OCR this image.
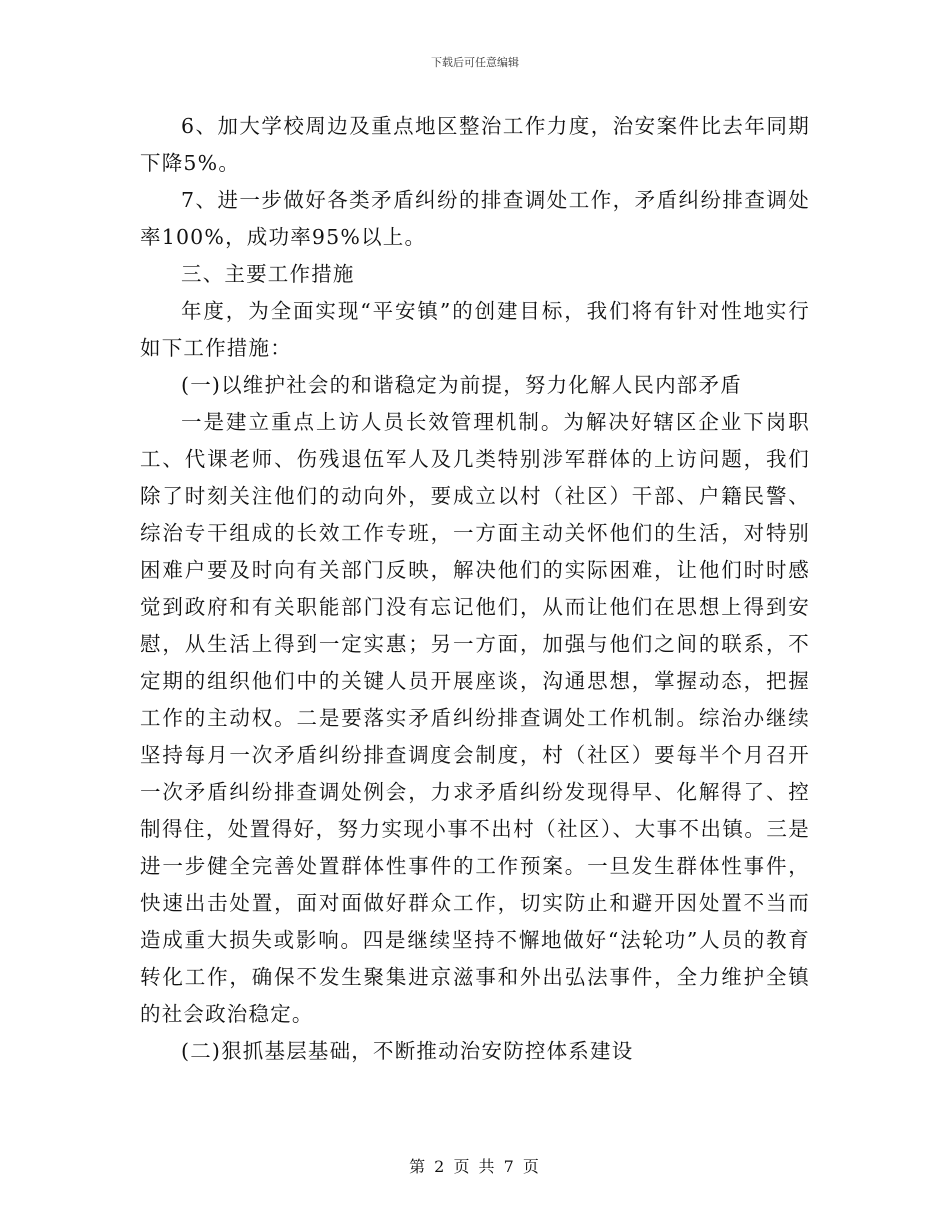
下载后可任意编辑

6、加大学校周边及重点地区整治工作力度，治安案件比去年同期下降5%。

7、进一步做好各类矛盾纠纷的排查调处工作，矛盾纠纷排查调处率100%，成功率95%以上。

三、主要工作措施

年度，为全面实现“平安镇”的创建目标，我们将有针对性地实行如下工作措施：

(一)以维护社会的和谐稳定为前提，努力化解人民内部矛盾

一是建立重点上访人员长效管理机制。为解决好辖区企业下岗职工、代课老师、伤残退伍军人及几类特别涉军群体的上访问题，我们除了时刻关注他们的动向外，要成立以村（社区）干部、户籍民警、综治专干组成的长效工作专班，一方面主动关怀他们的生活，对特别困难户要及时向有关部门反映，解决他们的实际困难，让他们时时感觉到政府和有关职能部门没有忘记他们，从而让他们在思想上得到安慰，从生活上得到一定实惠；另一方面，加强与他们之间的联系，不定期的组织他们中的关键人员开展座谈，沟通思想，掌握动态，把握工作的主动权。二是要落实矛盾纠纷排查调处工作机制。综治办继续坚持每月一次矛盾纠纷排查调度会制度，村（社区）要每半个月召开一次矛盾纠纷排查调处例会，力求矛盾纠纷发现得早、化解得了、控制得住，处置得好，努力实现小事不出村（社区）、大事不出镇。三是进一步健全完善处置群体性事件的工作预案。一旦发生群体性事件，快速出击处置，面对面做好群众工作，切实防止和避开因处置不当而造成重大损失或影响。四是继续坚持不懈地做好“法轮功”人员的教育转化工作，确保不发生聚集进京滋事和外出弘法事件，全力维护全镇的社会政治稳定。

(二)狠抓基层基础，不断推动治安防控体系建设

第 2 页 共 7 页
